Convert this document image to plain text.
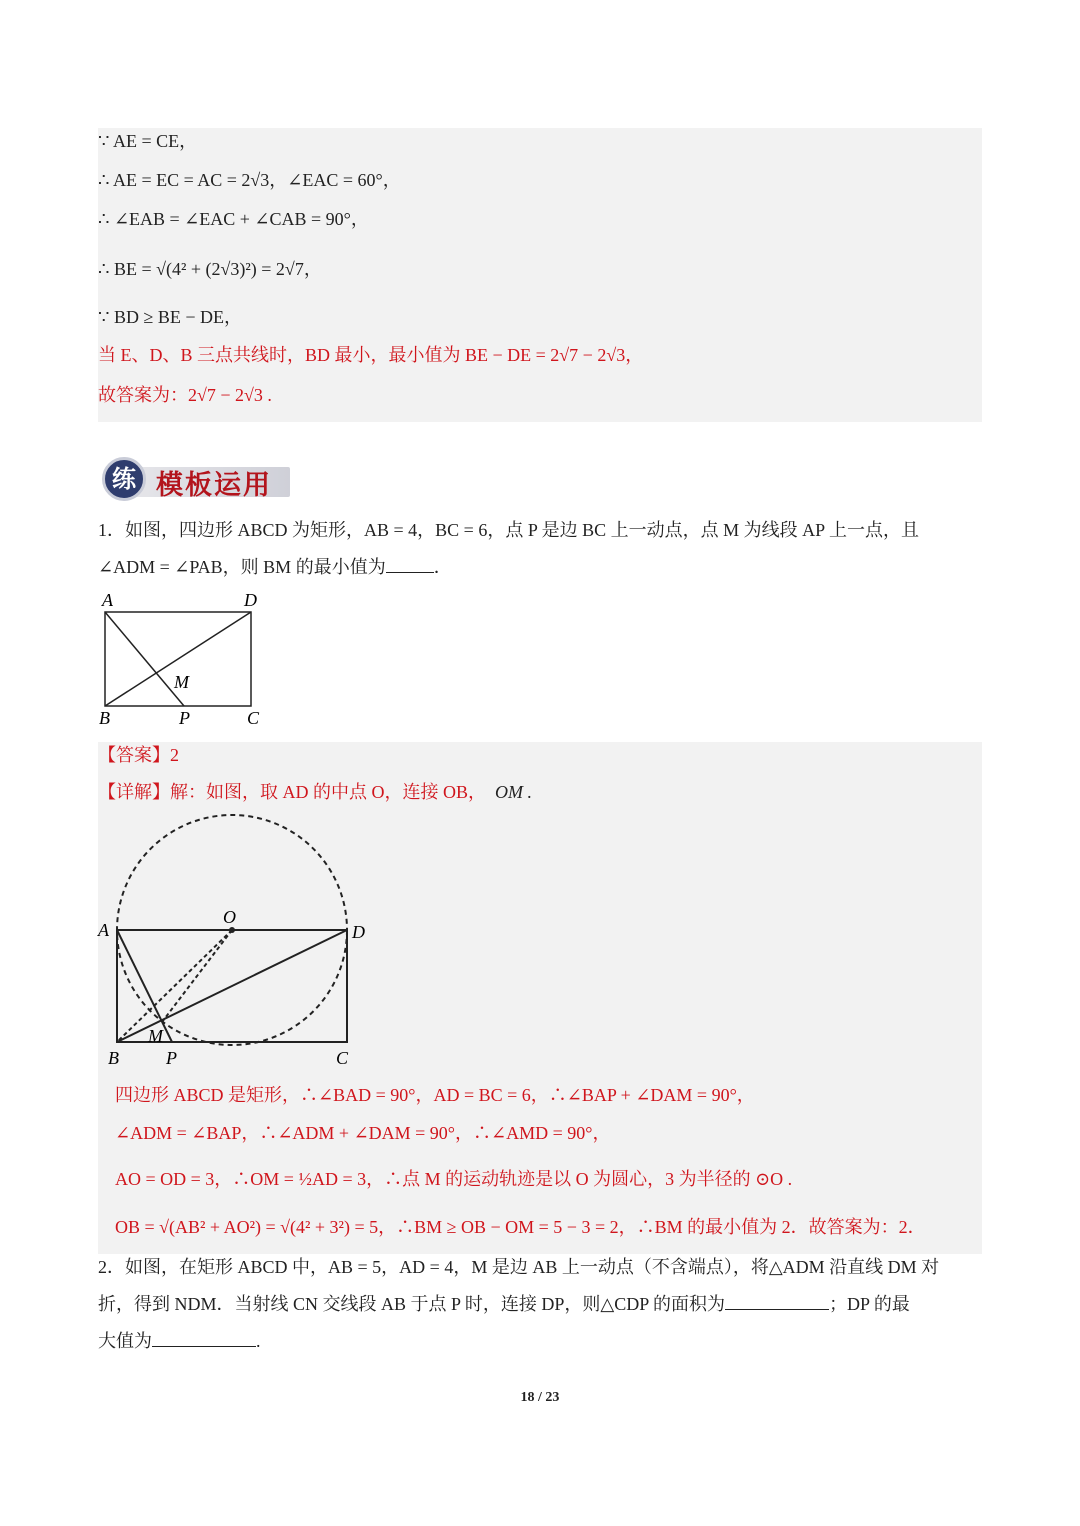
∵ AE = CE，
∴ AE = EC = AC = 2√3，∠EAC = 60°，
∴ ∠EAB = ∠EAC + ∠CAB = 90°，
∴ BE = √(4² + (2√3)²) = 2√7，
∵ BD ≥ BE − DE，
当 E、D、B 三点共线时，BD 最小，最小值为 BE − DE = 2√7 − 2√3，
故答案为：2√7 − 2√3 .
练 模板运用
1．如图，四边形 ABCD 为矩形，AB = 4，BC = 6，点 P 是边 BC 上一动点，点 M 为线段 AP 上一点，且
∠ADM = ∠PAB，则 BM 的最小值为	．
A	D
M
B	P	C
【答案】2
【详解】解：如图，取 AD 的中点 O，连接 OB， OM .
A
O
D
M
B	P	C
四边形 ABCD 是矩形，∴∠BAD = 90°，AD = BC = 6，∴∠BAP + ∠DAM = 90°，
∠ADM = ∠BAP，∴∠ADM + ∠DAM = 90°，∴∠AMD = 90°，
AO = OD = 3，∴OM = ½AD = 3，∴点 M 的运动轨迹是以 O 为圆心，3 为半径的 ⊙O .
OB = √(AB² + AO²) = √(4² + 3²) = 5，∴BM ≥ OB − OM = 5 − 3 = 2，∴BM 的最小值为 2．故答案为：2．
2．如图，在矩形 ABCD 中，AB = 5，AD = 4，M 是边 AB 上一动点（不含端点），将△ADM 沿直线 DM 对
折，得到 NDM．当射线 CN 交线段 AB 于点 P 时，连接 DP，则△CDP 的面积为	；DP 的最
大值为	.
18 / 23
